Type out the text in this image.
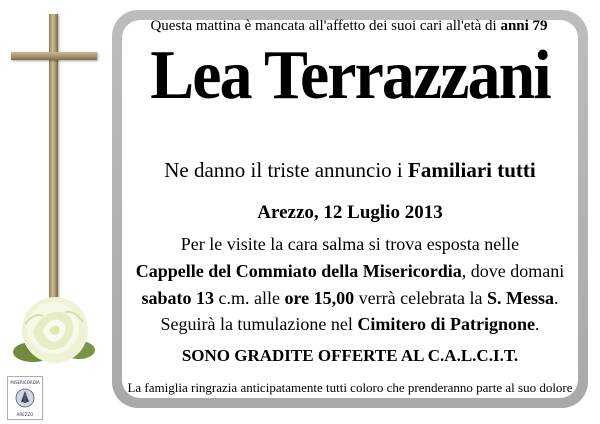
MISERICORDIA
AREZZO
Questa mattina è mancata all'affetto dei suoi cari all'età di anni 79
Lea Terrazzani
Ne danno il triste annuncio i Familiari tutti
Arezzo, 12 Luglio 2013
Per le visite la cara salma si trova esposta nelle
Cappelle del Commiato della Misericordia, dove domani
sabato 13 c.m. alle ore 15,00 verrà celebrata la S. Messa.
Seguirà la tumulazione nel Cimitero di Patrignone.
SONO GRADITE OFFERTE AL C.A.L.C.I.T.
La famiglia ringrazia anticipatamente tutti coloro che prenderanno parte al suo dolore
